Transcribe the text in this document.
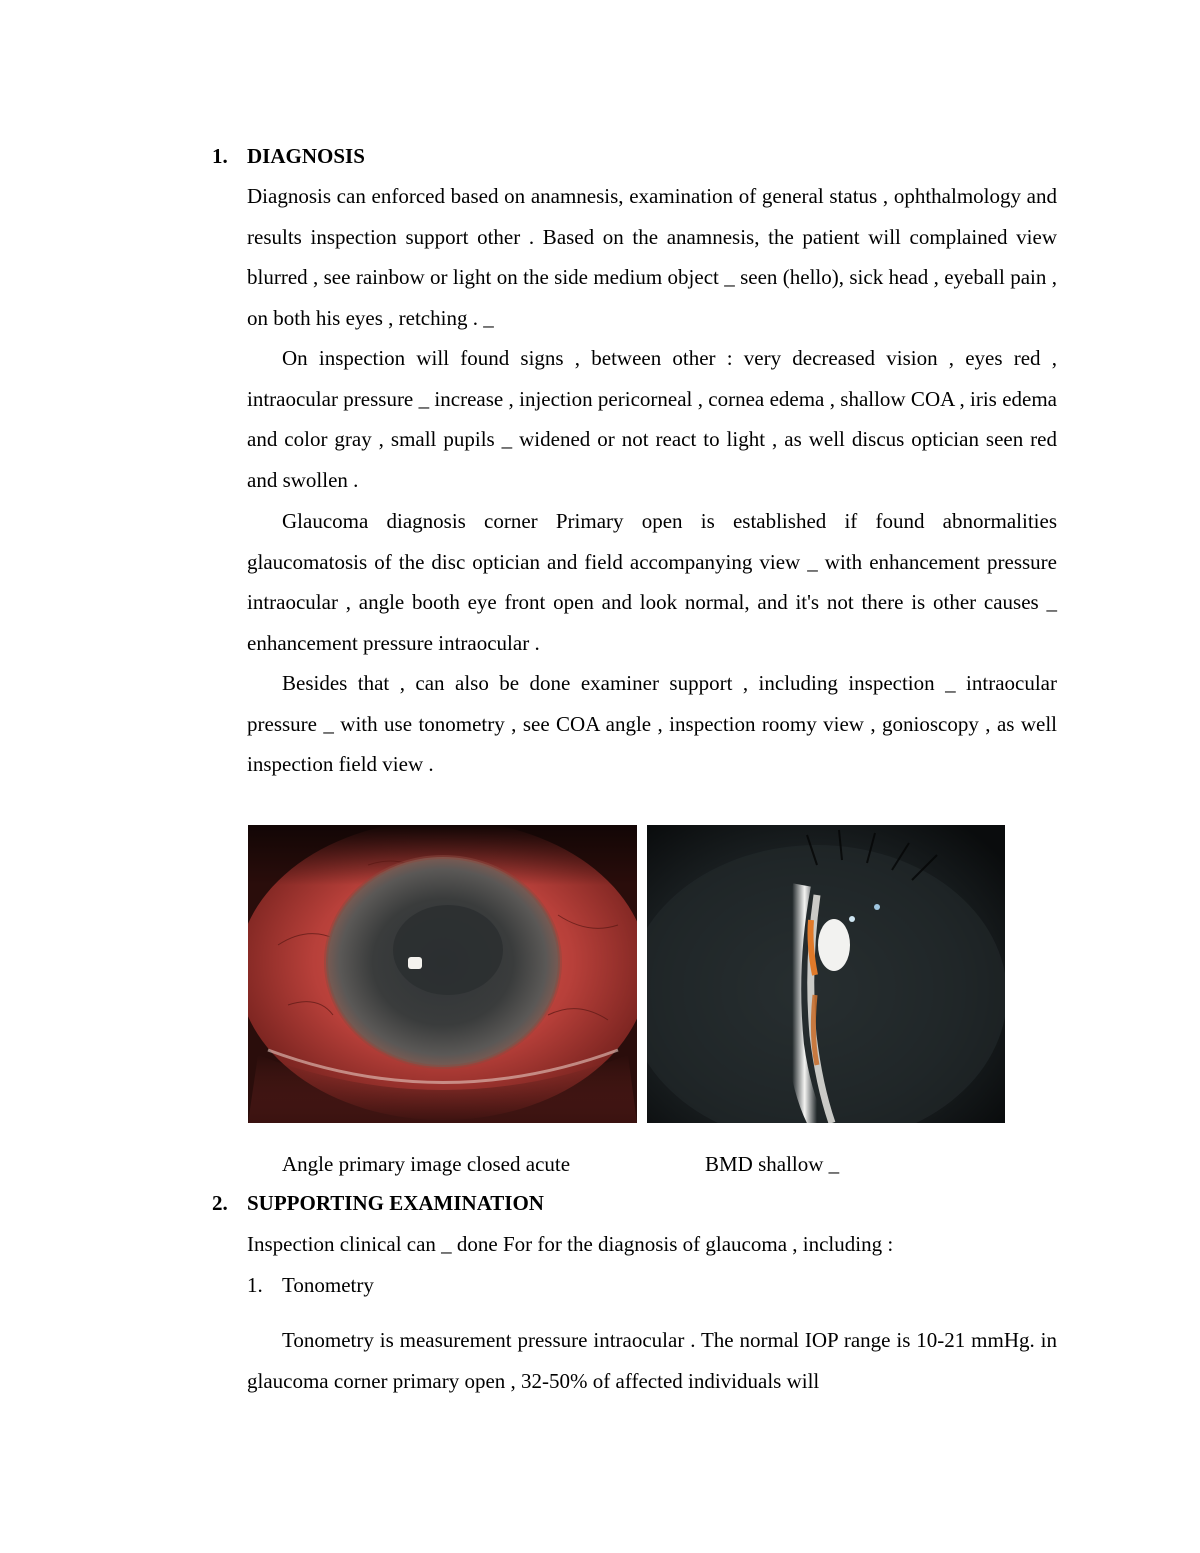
1. DIAGNOSIS

Diagnosis can enforced based on anamnesis, examination of general status , ophthalmology and results inspection support other . Based on the anamnesis, the patient will complained view blurred , see rainbow or light on the side medium object _ seen (hello), sick head , eyeball pain , on both his eyes , retching . _

On inspection will found signs , between other : very decreased vision , eyes red , intraocular pressure _ increase , injection pericorneal , cornea edema , shallow COA , iris edema and color gray , small pupils _ widened or not react to light , as well discus optician seen red and swollen .

Glaucoma diagnosis corner Primary open is established if found abnormalities glaucomatosis of the disc optician and field accompanying view _ with enhancement pressure intraocular , angle booth eye front open and look normal, and it's not there is other causes _ enhancement pressure intraocular .

Besides that , can also be done examiner support , including inspection _ intraocular pressure _ with use tonometry , see COA angle , inspection roomy view , gonioscopy , as well inspection field view .

Angle primary image closed acute	BMD shallow _
2. SUPPORTING EXAMINATION
Inspection clinical can _ done For for the diagnosis of glaucoma , including :
1. Tonometry

Tonometry is measurement pressure intraocular . The normal IOP range is 10-21 mmHg. in glaucoma corner primary open , 32-50% of affected individuals will
